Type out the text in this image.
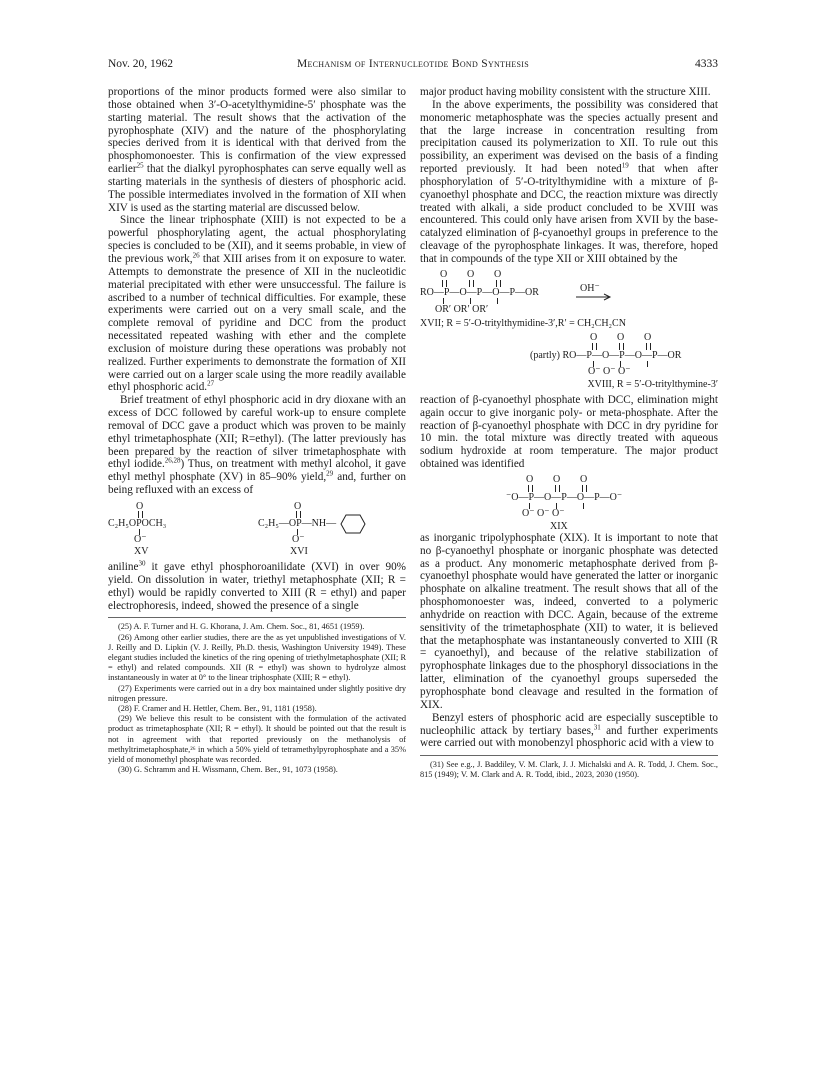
Nov. 20, 1962	Mechanism of Internucleotide Bond Synthesis	4333

proportions of the minor products formed were also similar to those obtained when 3′-O-acetylthymidine-5′ phosphate was the starting material. The result shows that the activation of the pyrophosphate (XIV) and the nature of the phosphorylating species derived from it is identical with that derived from the phosphomonoester. This is confirmation of the view expressed earlier$^{25}$ that the dialkyl pyrophosphates can serve equally well as starting materials in the synthesis of diesters of phosphoric acid. The possible intermediates involved in the formation of XII when XIV is used as the starting material are discussed below.

Since the linear triphosphate (XIII) is not expected to be a powerful phosphorylating agent, the actual phosphorylating species is concluded to be (XII), and it seems probable, in view of the previous work,$^{26}$ that XIII arises from it on exposure to water. Attempts to demonstrate the presence of XII in the nucleotidic material precipitated with ether were unsuccessful. The failure is ascribed to a number of technical difficulties. For example, these experiments were carried out on a very small scale, and the complete removal of pyridine and DCC from the product necessitated repeated washing with ether and the complete exclusion of moisture during these operations was probably not realized. Further experiments to demonstrate the formation of XII were carried out on a larger scale using the more readily available ethyl phosphoric acid.$^{27}$

Brief treatment of ethyl phosphoric acid in dry dioxane with an excess of DCC followed by careful work-up to ensure complete removal of DCC gave a product which was proven to be mainly ethyl trimetaphosphate (XII; R=ethyl). (The latter previously has been prepared by the reaction of silver trimetaphosphate with ethyl iodide.$^{26,28}$) Thus, on treatment with methyl alcohol, it gave ethyl methyl phosphate (XV) in 85–90% yield,$^{29}$ and, further on being refluxed with an excess of

O
C₂H₅OPOCH₃
O⁻
XV
O
C₂H₅—OP—NH—
O⁻
XVI

aniline$^{30}$ it gave ethyl phosphoroanilidate (XVI) in over 90% yield. On dissolution in water, triethyl metaphosphate (XII; R = ethyl) would be rapidly converted to XIII (R = ethyl) and paper electrophoresis, indeed, showed the presence of a single

(25) A. F. Turner and H. G. Khorana, J. Am. Chem. Soc., 81, 4651 (1959).

(26) Among other earlier studies, there are the as yet unpublished investigations of V. J. Reilly and D. Lipkin (V. J. Reilly, Ph.D. thesis, Washington University 1949). These elegant studies included the kinetics of the ring opening of triethylmetaphosphate (XII; R = ethyl) and related compounds. XII (R = ethyl) was shown to hydrolyze almost instantaneously in water at 0° to the linear triphosphate (XIII; R = ethyl).

(27) Experiments were carried out in a dry box maintained under slightly positive dry nitrogen pressure.

(28) F. Cramer and H. Hettler, Chem. Ber., 91, 1181 (1958).

(29) We believe this result to be consistent with the formulation of the activated product as trimetaphosphate (XII; R = ethyl). It should be pointed out that the result is not in agreement with that reported previously on the methanolysis of methyltrimetaphosphate,²⁶ in which a 50% yield of tetramethylpyrophosphate and a 35% yield of monomethyl phosphate was recorded.

(30) G. Schramm and H. Wissmann, Chem. Ber., 91, 1073 (1958).

major product having mobility consistent with the structure XIII.

In the above experiments, the possibility was considered that monomeric metaphosphate was the species actually present and that the large increase in concentration resulting from precipitation caused its polymerization to XII. To rule out this possibility, an experiment was devised on the basis of a finding reported previously. It had been noted$^{19}$ that when after phosphorylation of 5′-O-tritylthymidine with a mixture of β-cyanoethyl phosphate and DCC, the reaction mixture was directly treated with alkali, a side product concluded to be XVIII was encountered. This could only have arisen from XVII by the base-catalyzed elimination of β-cyanoethyl groups in preference to the cleavage of the pyrophosphate linkages. It was, therefore, hoped that in compounds of the type XII or XIII obtained by the

O O O
RO—P—O—P—O—P—OR	OH⁻
OR′ OR′ OR′
XVII; R = 5′-O-tritylthymidine-3′,R′ = CH₂CH₂CN
O O O
(partly) RO—P—O—P—O—P—OR
O⁻ O⁻ O⁻
XVIII, R = 5′-O-tritylthymine-3′

reaction of β-cyanoethyl phosphate with DCC, elimination might again occur to give inorganic poly- or meta-phosphate. After the reaction of β-cyanoethyl phosphate with DCC in dry pyridine for 10 min. the total mixture was directly treated with aqueous sodium hydroxide at room temperature. The major product obtained was identified

O O O
⁻O—P—O—P—O—P—O⁻
O⁻ O⁻ O⁻
XIX

as inorganic tripolyphosphate (XIX). It is important to note that no β-cyanoethyl phosphate or inorganic phosphate was detected as a product. Any monomeric metaphosphate derived from β-cyanoethyl phosphate would have generated the latter or inorganic phosphate on alkaline treatment. The result shows that all of the phosphomonoester was, indeed, converted to a polymeric anhydride on reaction with DCC. Again, because of the extreme sensitivity of the trimetaphosphate (XII) to water, it is believed that the metaphosphate was instantaneously converted to XIII (R = cyanoethyl), and because of the relative stabilization of pyrophosphate linkages due to the phosphoryl dissociations in the latter, elimination of the cyanoethyl groups superseded the pyrophosphate bond cleavage and resulted in the formation of XIX.

Benzyl esters of phosphoric acid are especially susceptible to nucleophilic attack by tertiary bases,$^{31}$ and further experiments were carried out with monobenzyl phosphoric acid with a view to

(31) See e.g., J. Baddiley, V. M. Clark, J. J. Michalski and A. R. Todd, J. Chem. Soc., 815 (1949); V. M. Clark and A. R. Todd, ibid., 2023, 2030 (1950).
